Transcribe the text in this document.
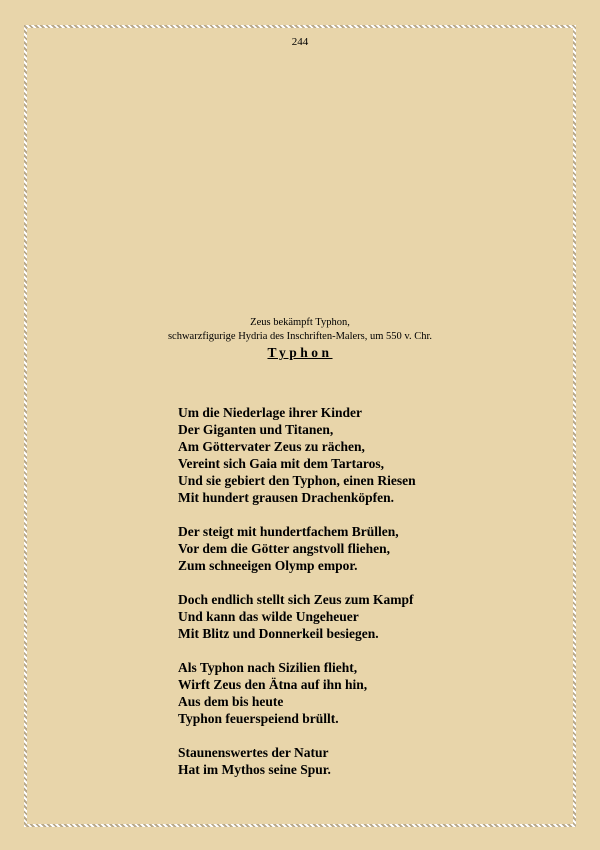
244
Zeus bekämpft Typhon,
schwarzfigurige Hydria des Inschriften-Malers, um 550 v. Chr.
Typhon
Um die Niederlage ihrer Kinder
Der Giganten und Titanen,
Am Göttervater Zeus zu rächen,
Vereint sich Gaia mit dem Tartaros,
Und sie gebiert den Typhon, einen Riesen
Mit hundert grausen Drachenköpfen.
Der steigt mit hundertfachem Brüllen,
Vor dem die Götter angstvoll fliehen,
Zum schneeigen Olymp empor.
Doch endlich stellt sich Zeus zum Kampf
Und kann das wilde Ungeheuer
Mit Blitz und Donnerkeil besiegen.
Als Typhon nach Sizilien flieht,
Wirft Zeus den Ätna auf ihn hin,
Aus dem bis heute
Typhon feuerspeiend brüllt.
Staunenswertes der Natur
Hat im Mythos seine Spur.
